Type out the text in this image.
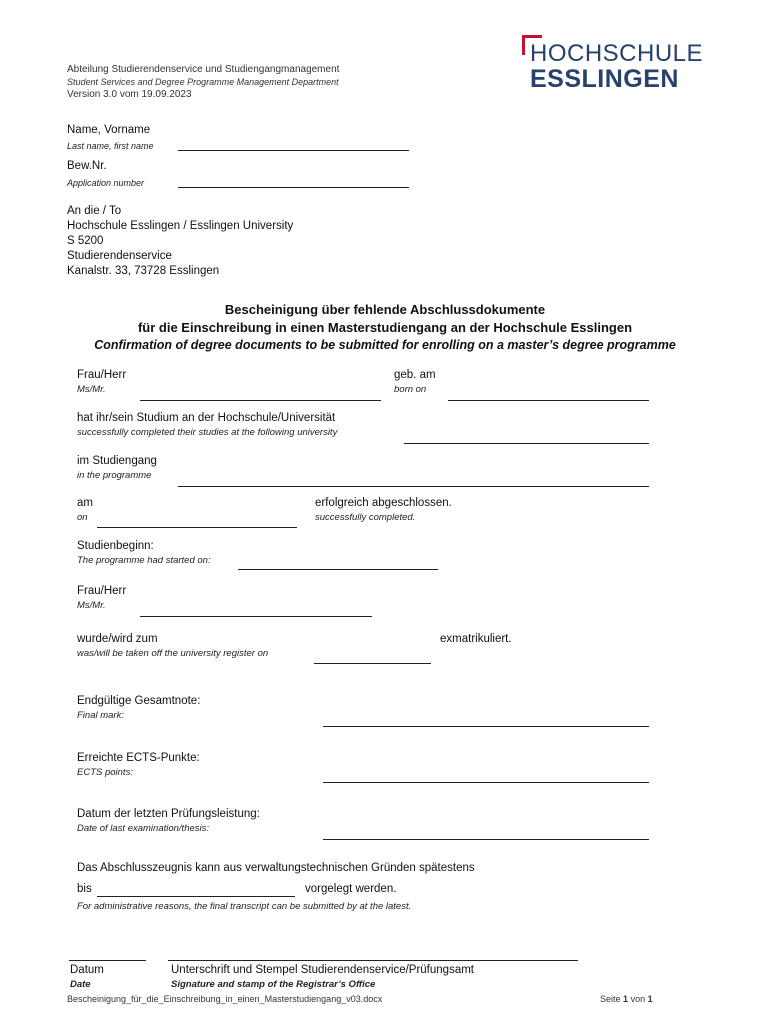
Abteilung Studierendenservice und Studiengangmanagement
Student Services and Degree Programme Management Department
Version 3.0 vom 19.09.2023
HOCHSCHULE
ESSLINGEN
Name, Vorname
Last name, first name
Bew.Nr.
Application number
An die / To
Hochschule Esslingen / Esslingen University
S 5200
Studierendenservice
Kanalstr. 33, 73728 Esslingen
Bescheinigung über fehlende Abschlussdokumente
für die Einschreibung in einen Masterstudiengang an der Hochschule Esslingen
Confirmation of degree documents to be submitted for enrolling on a master’s degree programme
Frau/Herr
Ms/Mr.
geb. am
born on
hat ihr/sein Studium an der Hochschule/Universität
successfully completed their studies at the following university
im Studiengang
in the programme
am
on
erfolgreich abgeschlossen.
successfully completed.
Studienbeginn:
The programme had started on:
Frau/Herr
Ms/Mr.
wurde/wird zum
was/will be taken off the university register on
exmatrikuliert.
Endgültige Gesamtnote:
Final mark:
Erreichte ECTS-Punkte:
ECTS points:
Datum der letzten Prüfungsleistung:
Date of last examination/thesis:
Das Abschlusszeugnis kann aus verwaltungstechnischen Gründen spätestens
bis	vorgelegt werden.
For administrative reasons, the final transcript can be submitted by at the latest.
Datum
Date
Unterschrift und Stempel Studierendenservice/Prüfungsamt
Signature and stamp of the Registrar’s Office
Bescheinigung_für_die_Einschreibung_in_einen_Masterstudiengang_v03.docx	Seite 1 von 1
